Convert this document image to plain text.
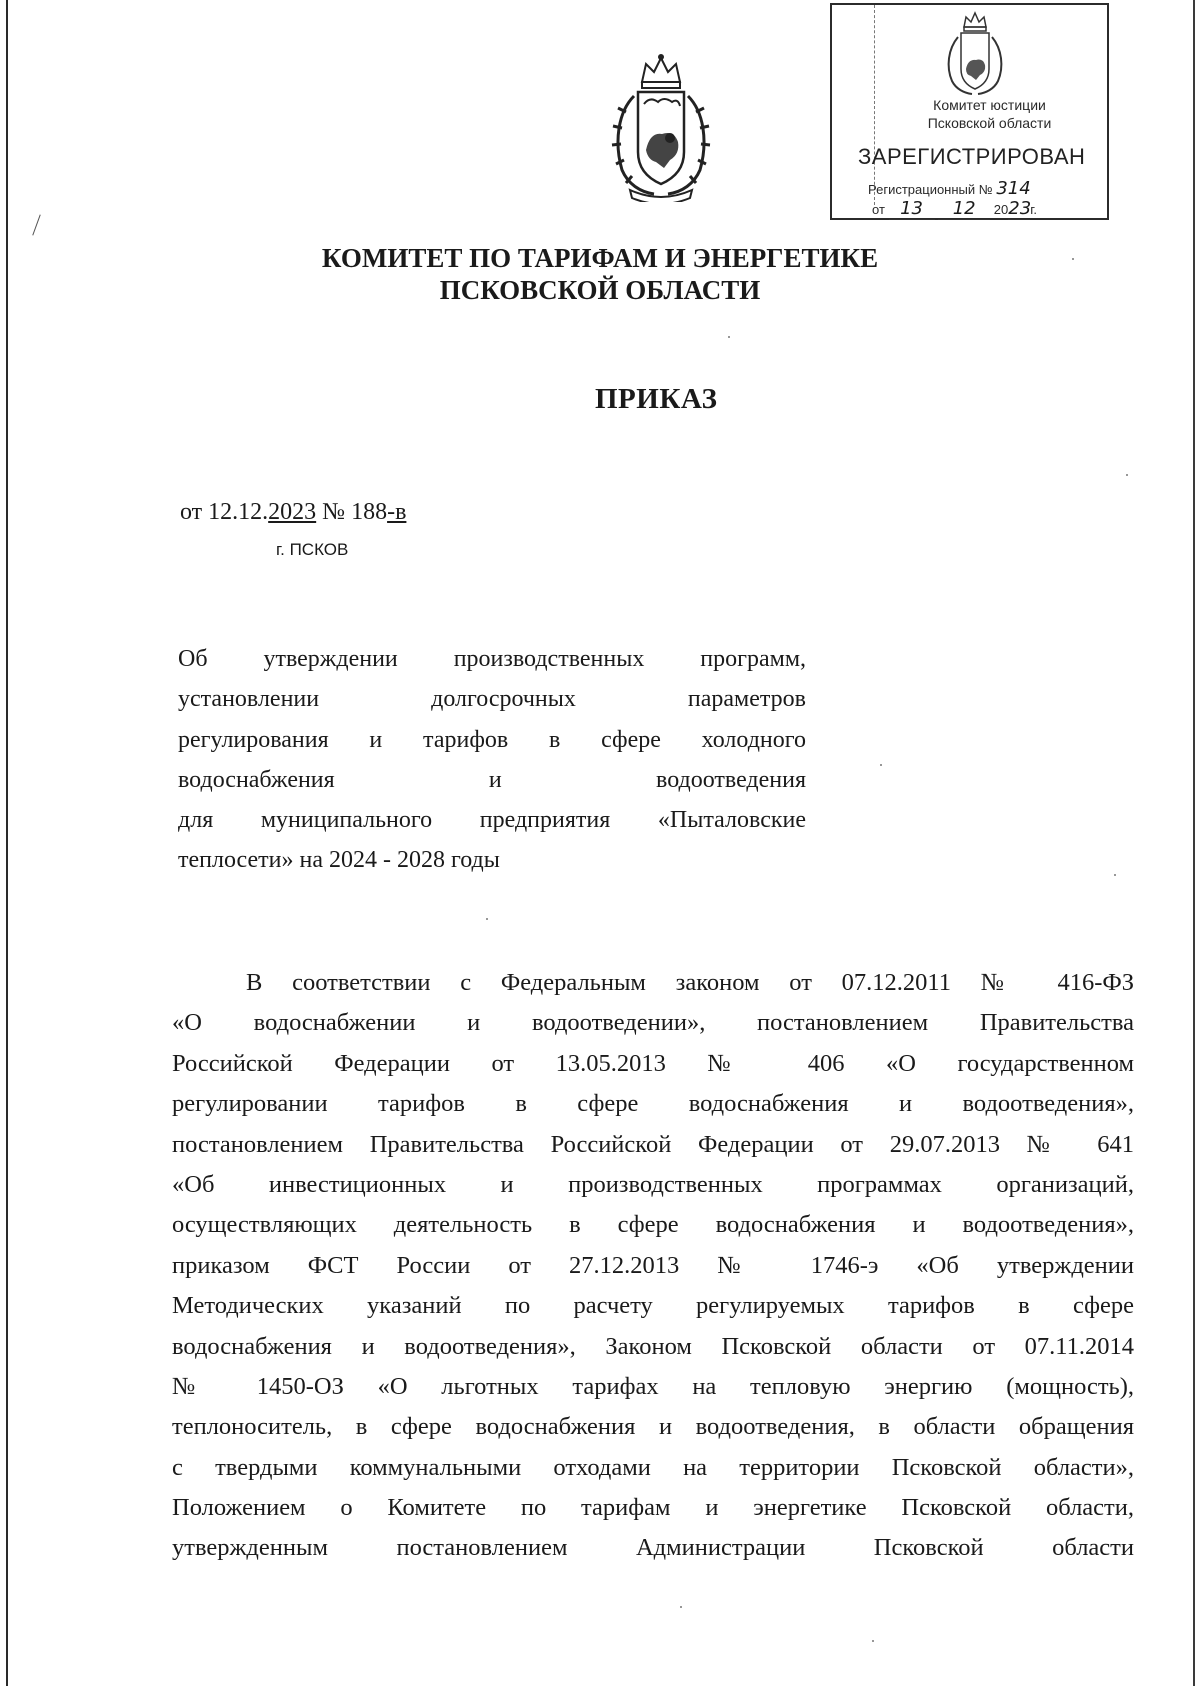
Комитет юстиции
Псковской области
ЗАРЕГИСТРИРОВАН
Регистрационный № 314
от 13 12 2023г.
КОМИТЕТ ПО ТАРИФАМ И ЭНЕРГЕТИКЕ
ПСКОВСКОЙ ОБЛАСТИ
ПРИКАЗ
от 12.12.2023 № 188-в
г. ПСКОВ
Об утверждении производственных программ,
установлении долгосрочных параметров
регулирования и тарифов в сфере холодного
водоснабжения и водоотведения
для муниципального предприятия «Пыталовские
теплосети» на 2024 - 2028 годы
В соответствии с Федеральным законом от 07.12.2011 № 416-ФЗ
«О водоснабжении и водоотведении», постановлением Правительства
Российской Федерации от 13.05.2013 № 406 «О государственном
регулировании тарифов в сфере водоснабжения и водоотведения»,
постановлением Правительства Российской Федерации от 29.07.2013 № 641
«Об инвестиционных и производственных программах организаций,
осуществляющих деятельность в сфере водоснабжения и водоотведения»,
приказом ФСТ России от 27.12.2013 № 1746-э «Об утверждении
Методических указаний по расчету регулируемых тарифов в сфере
водоснабжения и водоотведения», Законом Псковской области от 07.11.2014
№ 1450-ОЗ «О льготных тарифах на тепловую энергию (мощность),
теплоноситель, в сфере водоснабжения и водоотведения, в области обращения
с твердыми коммунальными отходами на территории Псковской области»,
Положением о Комитете по тарифам и энергетике Псковской области,
утвержденным постановлением Администрации Псковской области
